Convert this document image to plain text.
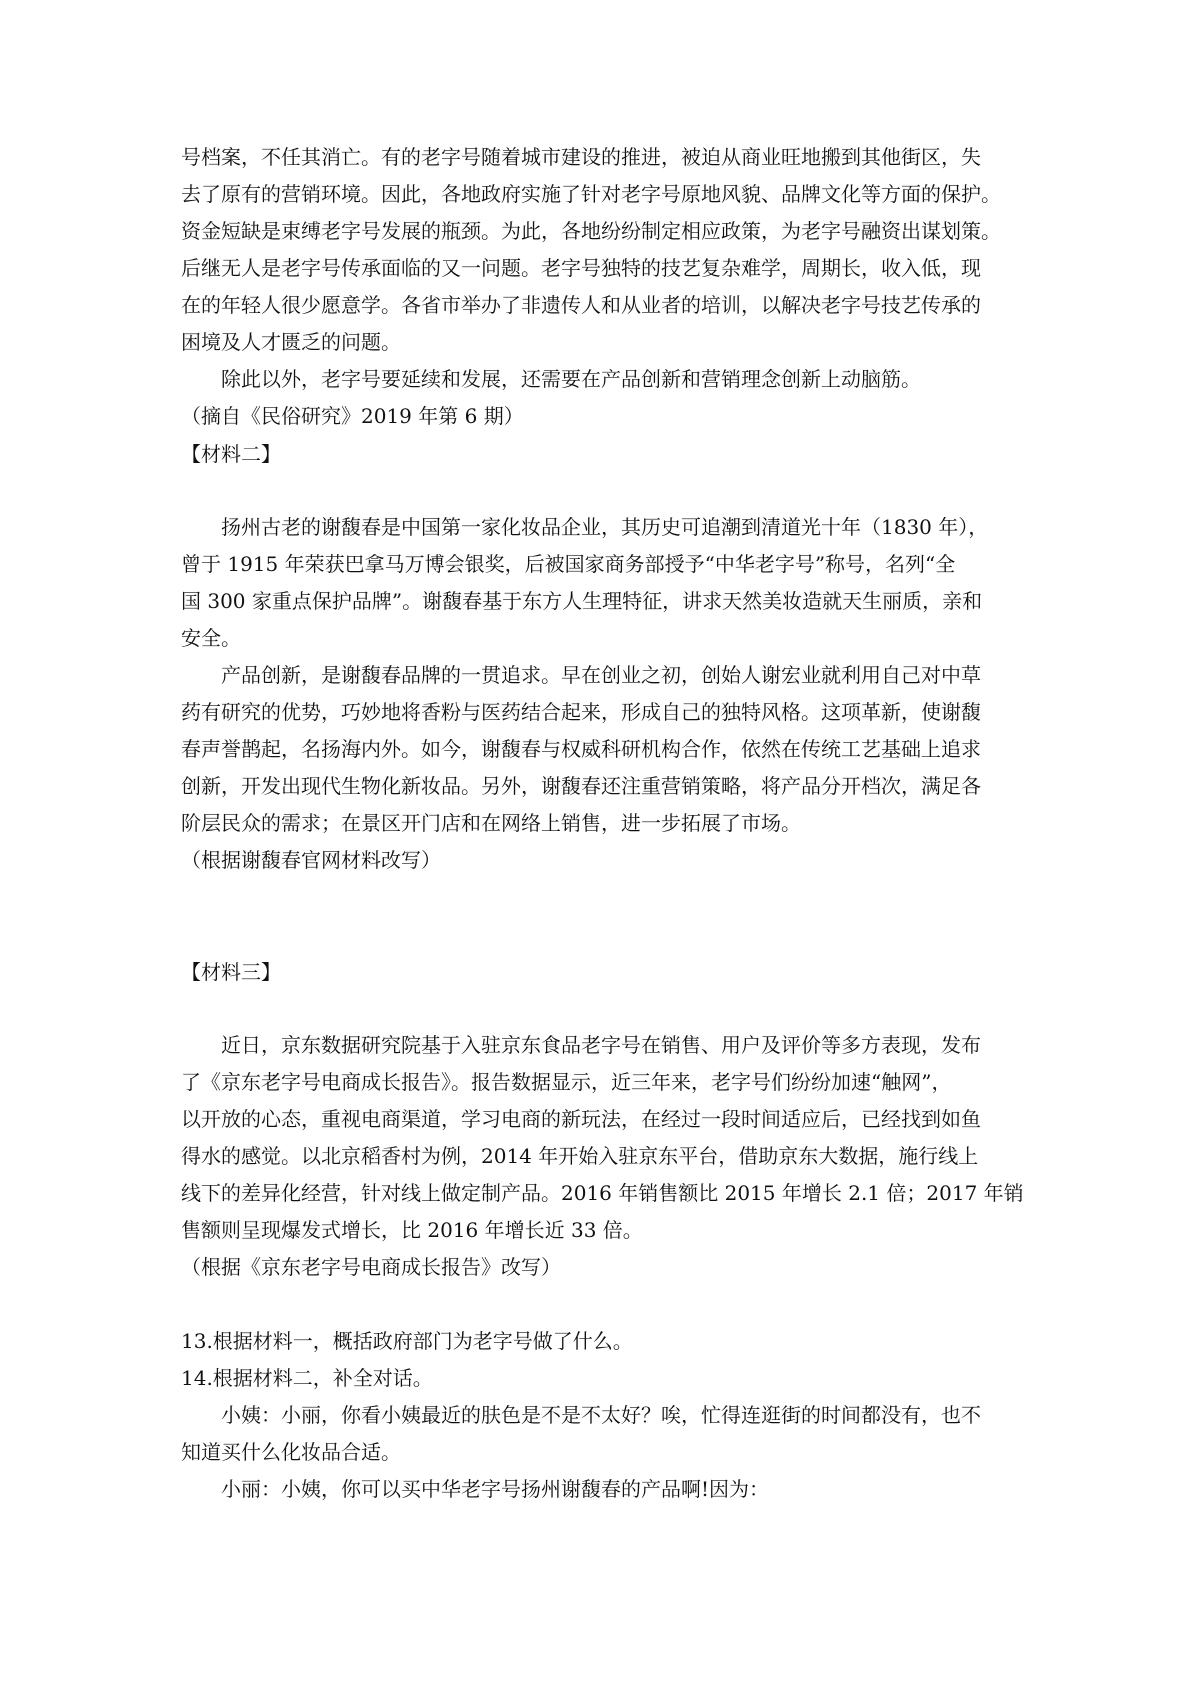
号档案，不任其消亡。有的老字号随着城市建设的推进，被迫从商业旺地搬到其他街区，失
去了原有的营销环境。因此，各地政府实施了针对老字号原地风貌、品牌文化等方面的保护。
资金短缺是束缚老字号发展的瓶颈。为此，各地纷纷制定相应政策，为老字号融资出谋划策。
后继无人是老字号传承面临的又一问题。老字号独特的技艺复杂难学，周期长，收入低，现
在的年轻人很少愿意学。各省市举办了非遗传人和从业者的培训，以解决老字号技艺传承的
困境及人才匮乏的问题。
除此以外，老字号要延续和发展，还需要在产品创新和营销理念创新上动脑筋。
（摘自《民俗研究》2019 年第 6 期）
【材料二】
扬州古老的谢馥春是中国第一家化妆品企业，其历史可追潮到清道光十年（1830 年），
曾于 1915 年荣获巴拿马万博会银奖，后被国家商务部授予“中华老字号”称号，名列“全
国 300 家重点保护品牌”。谢馥春基于东方人生理特征，讲求天然美妆造就天生丽质，亲和
安全。
产品创新，是谢馥春品牌的一贯追求。早在创业之初，创始人谢宏业就利用自己对中草
药有研究的优势，巧妙地将香粉与医药结合起来，形成自己的独特风格。这项革新，使谢馥
春声誉鹊起，名扬海内外。如今，谢馥春与权威科研机构合作，依然在传统工艺基础上追求
创新，开发出现代生物化新妆品。另外，谢馥春还注重营销策略，将产品分开档次，满足各
阶层民众的需求；在景区开门店和在网络上销售，进一步拓展了市场。
（根据谢馥春官网材料改写）
【材料三】
近日，京东数据研究院基于入驻京东食品老字号在销售、用户及评价等多方表现，发布
了《京东老字号电商成长报告》。报告数据显示，近三年来，老字号们纷纷加速“触网”，
以开放的心态，重视电商渠道，学习电商的新玩法，在经过一段时间适应后，已经找到如鱼
得水的感觉。以北京稻香村为例，2014 年开始入驻京东平台，借助京东大数据，施行线上
线下的差异化经营，针对线上做定制产品。2016 年销售额比 2015 年增长 2.1 倍；2017 年销
售额则呈现爆发式增长，比 2016 年增长近 33 倍。
（根据《京东老字号电商成长报告》改写）
13.根据材料一，概括政府部门为老字号做了什么。
14.根据材料二，补全对话。
小姨：小丽，你看小姨最近的肤色是不是不太好？唉，忙得连逛街的时间都没有，也不
知道买什么化妆品合适。
小丽：小姨，你可以买中华老字号扬州谢馥春的产品啊!因为：
